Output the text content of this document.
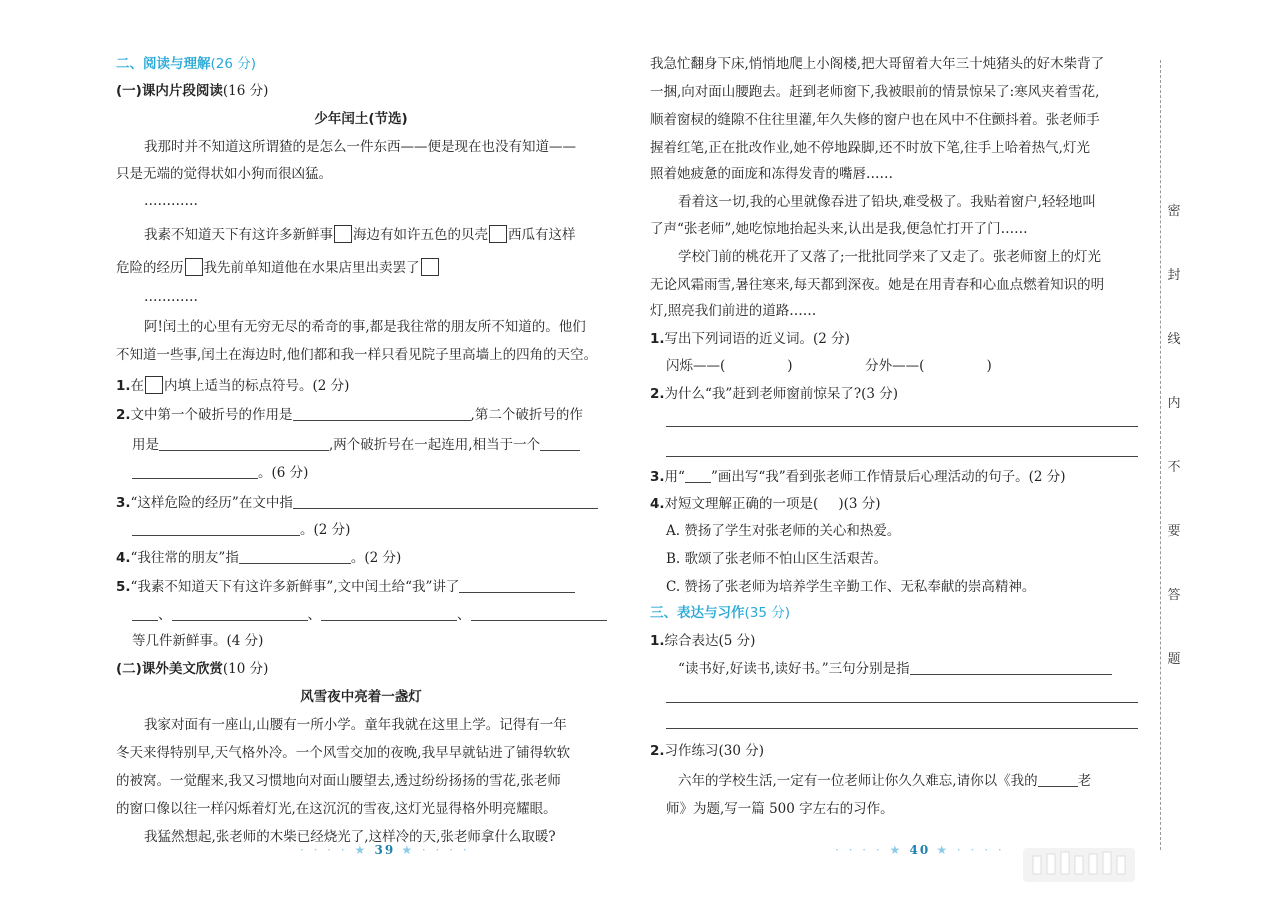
二、阅读与理解(26 分)
(一)课内片段阅读(16 分)
少年闰土(节选)
我那时并不知道这所谓猹的是怎么一件东西——便是现在也没有知道——
只是无端的觉得状如小狗而很凶猛。
…………
我素不知道天下有这许多新鲜事 海边有如许五色的贝壳 西瓜有这样
危险的经历 我先前单知道他在水果店里出卖罢了
…………
阿!闰土的心里有无穷无尽的希奇的事,都是我往常的朋友所不知道的。他们
不知道一些事,闰土在海边时,他们都和我一样只看见院子里高墙上的四角的天空。
1.在 内填上适当的标点符号。(2 分)
2.文中第一个破折号的作用是	,第二个破折号的作
用是	,两个破折号在一起连用,相当于一个
。(6 分)
3.“这样危险的经历”在文中指
。(2 分)
4.“我往常的朋友”指	。(2 分)
5.“我素不知道天下有这许多新鲜事”,文中闰土给“我”讲了
、	、	、
等几件新鲜事。(4 分)
(二)课外美文欣赏(10 分)
风雪夜中亮着一盏灯
我家对面有一座山,山腰有一所小学。童年我就在这里上学。记得有一年
冬天来得特别早,天气格外冷。一个风雪交加的夜晚,我早早就钻进了铺得软软
的被窝。一觉醒来,我又习惯地向对面山腰望去,透过纷纷扬扬的雪花,张老师
的窗口像以往一样闪烁着灯光,在这沉沉的雪夜,这灯光显得格外明亮耀眼。
我猛然想起,张老师的木柴已经烧光了,这样冷的天,张老师拿什么取暖?
· · · · ★ 39 ★ · · · ·
我急忙翻身下床,悄悄地爬上小阁楼,把大哥留着大年三十炖猪头的好木柴背了
一捆,向对面山腰跑去。赶到老师窗下,我被眼前的情景惊呆了:寒风夹着雪花,
顺着窗棂的缝隙不住往里灌,年久失修的窗户也在风中不住颤抖着。张老师手
握着红笔,正在批改作业,她不停地跺脚,还不时放下笔,往手上哈着热气,灯光
照着她疲惫的面庞和冻得发青的嘴唇……
看着这一切,我的心里就像吞进了铅块,难受极了。我贴着窗户,轻轻地叫
了声“张老师”,她吃惊地抬起头来,认出是我,便急忙打开了门……
学校门前的桃花开了又落了;一批批同学来了又走了。张老师窗上的灯光
无论风霜雨雪,暑往寒来,每天都到深夜。她是在用青春和心血点燃着知识的明
灯,照亮我们前进的道路……
1.写出下列词语的近义词。(2 分)
闪烁——(	)	分外——(	)
2.为什么“我”赶到老师窗前惊呆了?(3 分)
3.用“ ”画出写“我”看到张老师工作情景后心理活动的句子。(2 分)
4.对短文理解正确的一项是( )(3 分)
A. 赞扬了学生对张老师的关心和热爱。
B. 歌颂了张老师不怕山区生活艰苦。
C. 赞扬了张老师为培养学生辛勤工作、无私奉献的崇高精神。
三、表达与习作(35 分)
1.综合表达(5 分)
“读书好,好读书,读好书。”三句分别是指
2.习作练习(30 分)
六年的学校生活,一定有一位老师让你久久难忘,请你以《我的	老
师》为题,写一篇 500 字左右的习作。
· · · · ★ 40 ★ · · · ·
密
封
线
内
不
要
答
题
